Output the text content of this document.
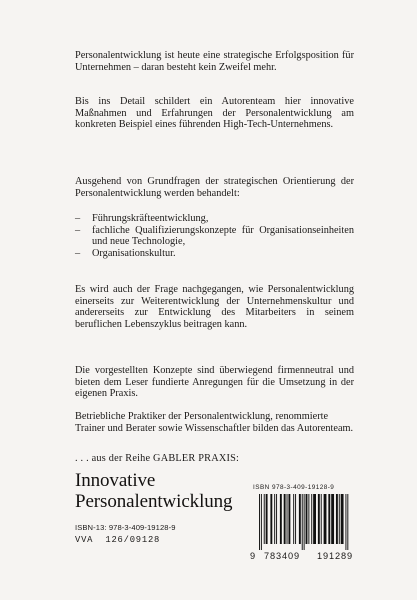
Personalentwicklung ist heute eine strategische Erfolgsposition für Unternehmen – daran besteht kein Zweifel mehr.

Bis ins Detail schildert ein Autorenteam hier innovative Maßnahmen und Erfahrungen der Personalentwicklung am konkreten Beispiel eines führenden High-Tech-Unternehmens.

Ausgehend von Grundfragen der strategischen Orientierung der Personalentwicklung werden behandelt:

– Führungskräfteentwicklung,
– fachliche Qualifizierungskonzepte für Organisationseinheiten und neue Technologie,
– Organisationskultur.

Es wird auch der Frage nachgegangen, wie Personalentwicklung einerseits zur Weiterentwicklung der Unternehmenskultur und andererseits zur Entwicklung des Mitarbeiters in seinem beruflichen Lebenszyklus beitragen kann.

Die vorgestellten Konzepte sind überwiegend firmenneutral und bieten dem Leser fundierte Anregungen für die Umsetzung in der eigenen Praxis.

Betriebliche Praktiker der Personalentwicklung, renommierte Trainer und Berater sowie Wissenschaftler bilden das Autorenteam.

. . . aus der Reihe GABLER PRAXIS:

Innovative
Personalentwicklung

ISBN-13: 978-3-409-19128-9

VVA  126/09128

ISBN 978-3-409-19128-9

9 783409 191289
